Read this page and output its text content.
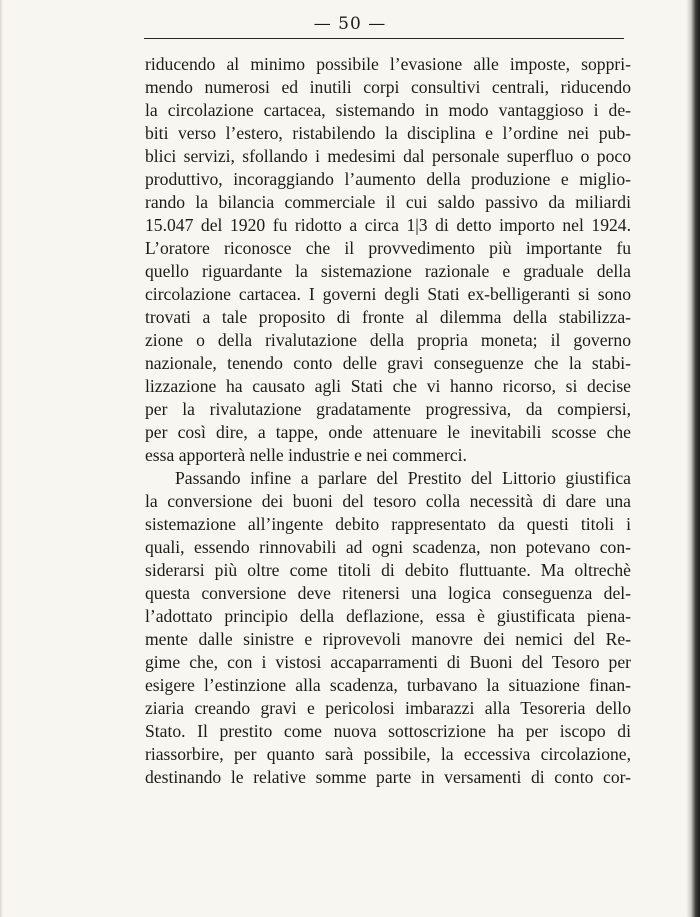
— 50 —
riducendo al minimo possibile l’evasione alle imposte, soppri-
mendo numerosi ed inutili corpi consultivi centrali, riducendo
la circolazione cartacea, sistemando in modo vantaggioso i de-
biti verso l’estero, ristabilendo la disciplina e l’ordine nei pub-
blici servizi, sfollando i medesimi dal personale superfluo o poco
produttivo, incoraggiando l’aumento della produzione e miglio-
rando la bilancia commerciale il cui saldo passivo da miliardi
15.047 del 1920 fu ridotto a circa 1|3 di detto importo nel 1924.
L’oratore riconosce che il provvedimento più importante fu
quello riguardante la sistemazione razionale e graduale della
circolazione cartacea. I governi degli Stati ex-belligeranti si sono
trovati a tale proposito di fronte al dilemma della stabilizza-
zione o della rivalutazione della propria moneta; il governo
nazionale, tenendo conto delle gravi conseguenze che la stabi-
lizzazione ha causato agli Stati che vi hanno ricorso, si decise
per la rivalutazione gradatamente progressiva, da compiersi,
per così dire, a tappe, onde attenuare le inevitabili scosse che
essa apporterà nelle industrie e nei commerci.
Passando infine a parlare del Prestito del Littorio giustifica
la conversione dei buoni del tesoro colla necessità di dare una
sistemazione all’ingente debito rappresentato da questi titoli i
quali, essendo rinnovabili ad ogni scadenza, non potevano con-
siderarsi più oltre come titoli di debito fluttuante. Ma oltrechè
questa conversione deve ritenersi una logica conseguenza del-
l’adottato principio della deflazione, essa è giustificata piena-
mente dalle sinistre e riprovevoli manovre dei nemici del Re-
gime che, con i vistosi accaparramenti di Buoni del Tesoro per
esigere l’estinzione alla scadenza, turbavano la situazione finan-
ziaria creando gravi e pericolosi imbarazzi alla Tesoreria dello
Stato. Il prestito come nuova sottoscrizione ha per iscopo di
riassorbire, per quanto sarà possibile, la eccessiva circolazione,
destinando le relative somme parte in versamenti di conto cor-
